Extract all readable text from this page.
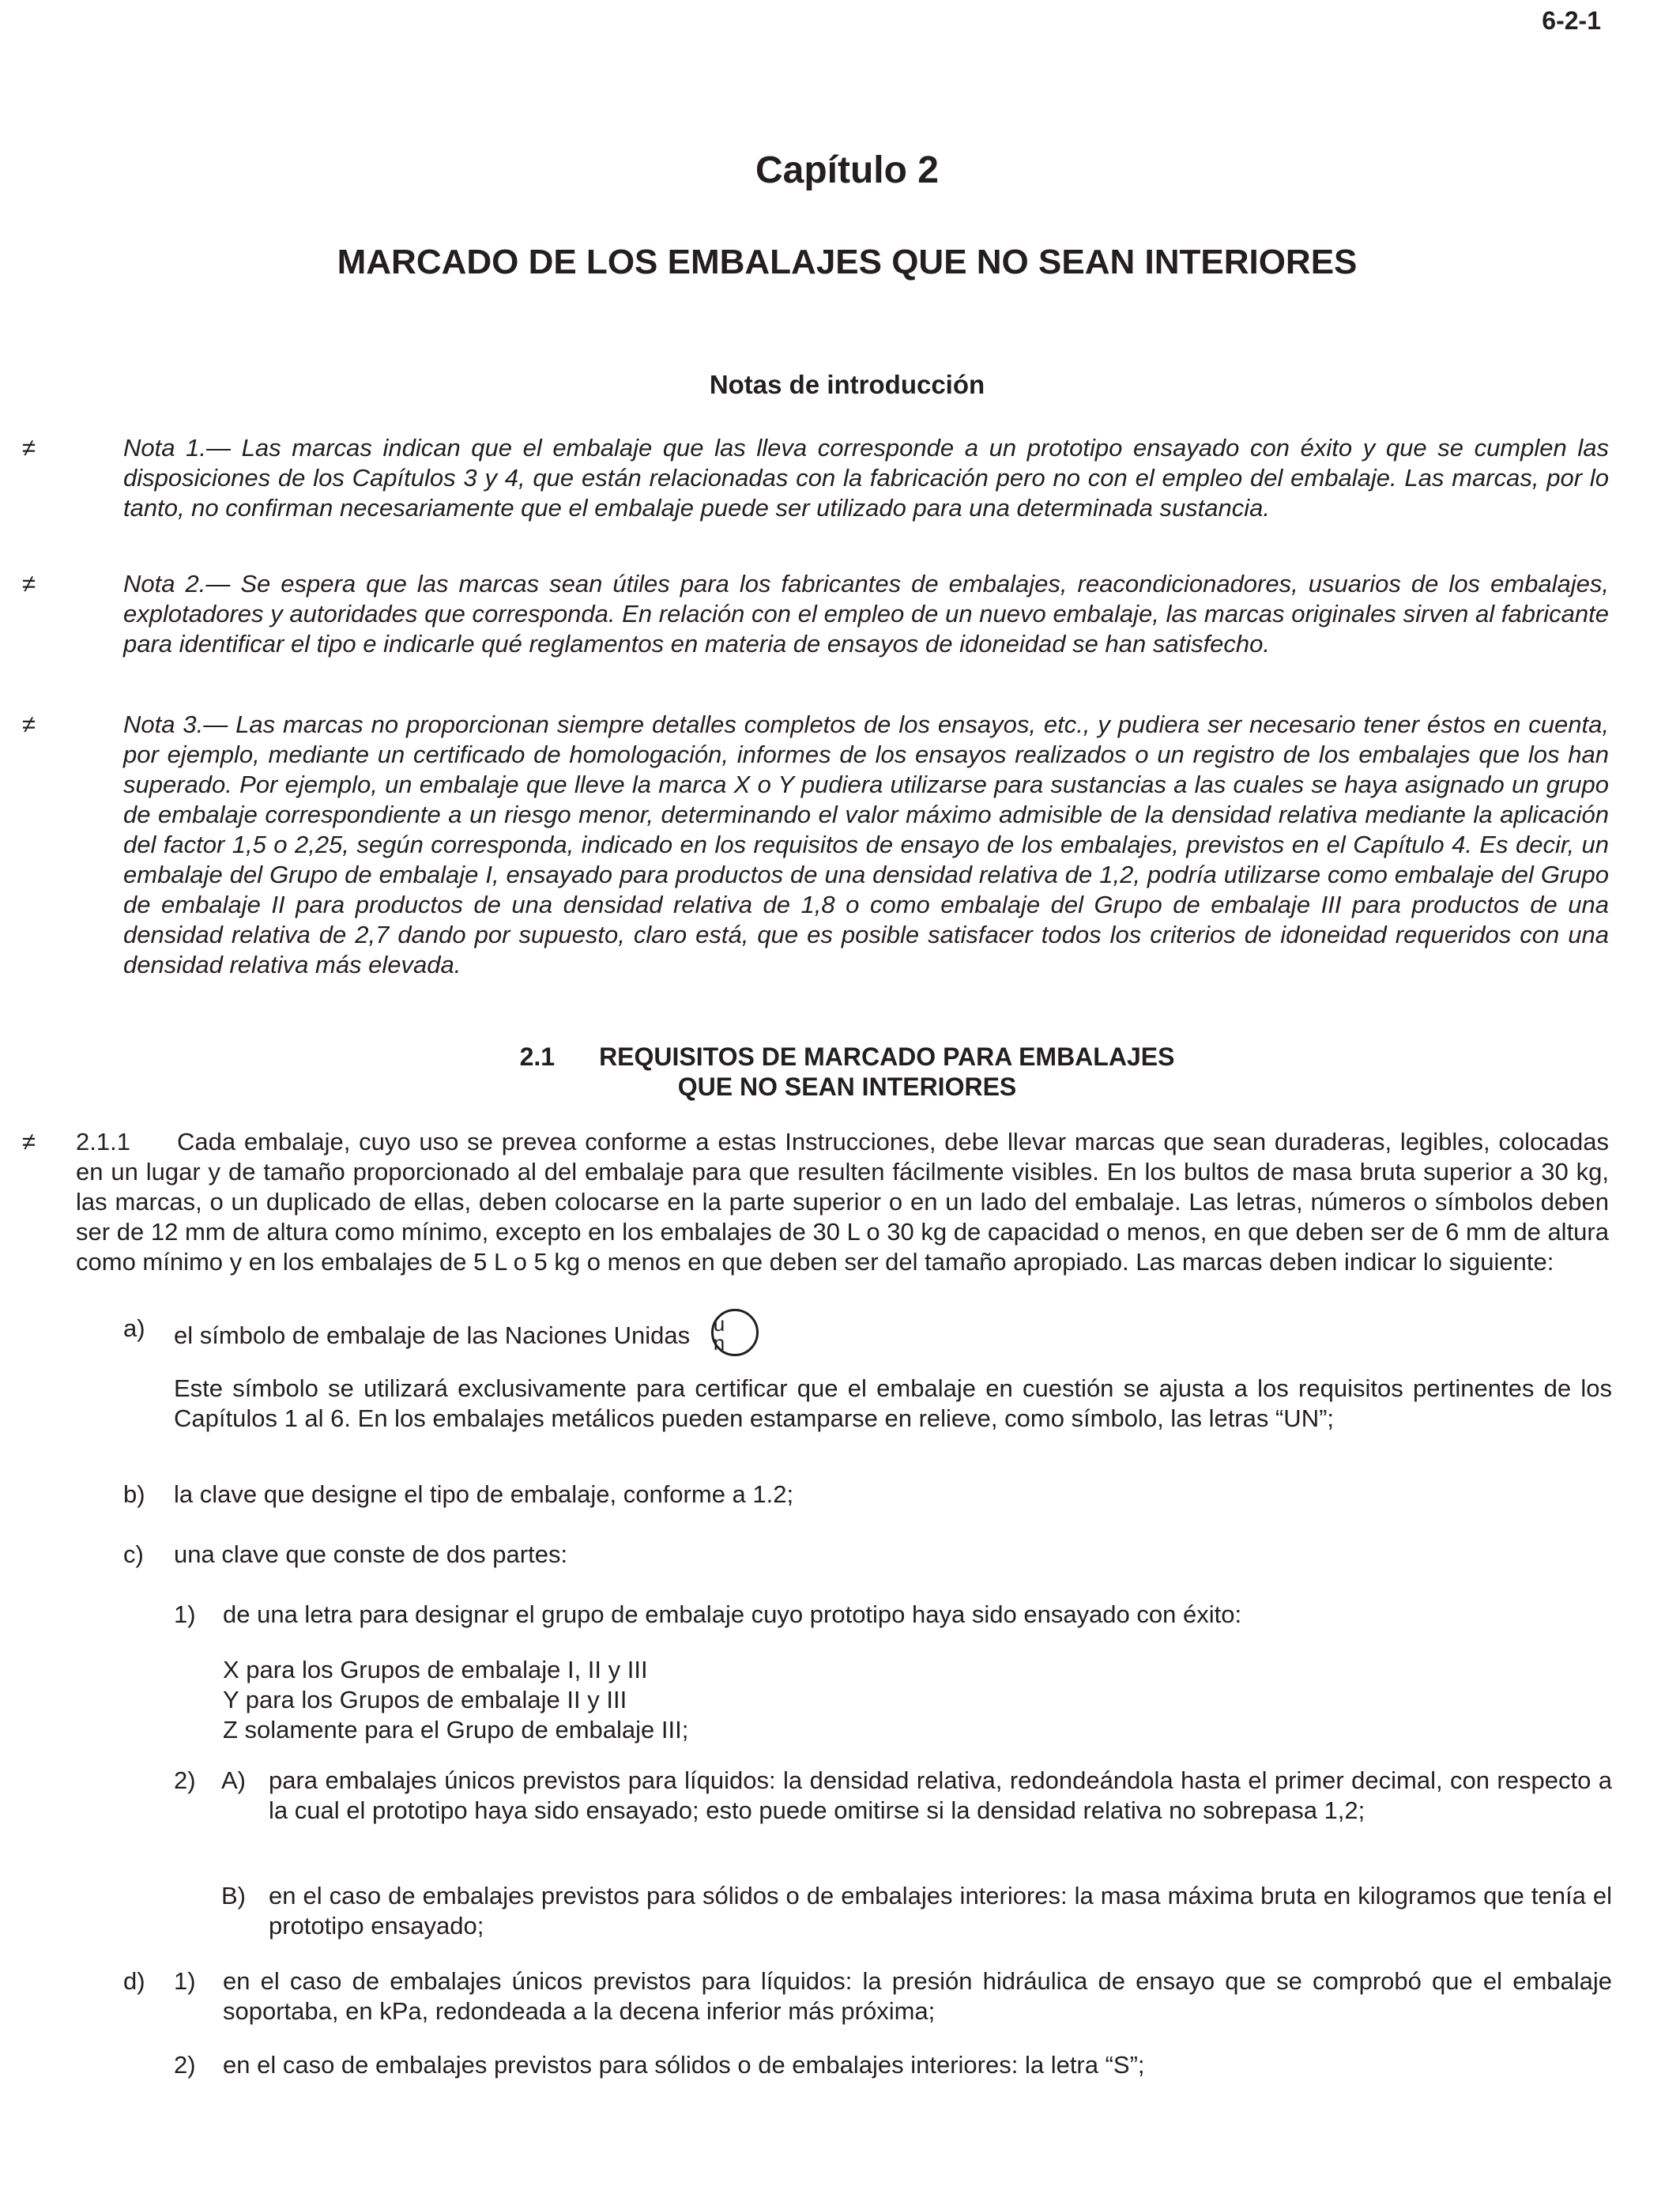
6-2-1
Capítulo 2
MARCADO DE LOS EMBALAJES QUE NO SEAN INTERIORES
Notas de introducción
≠	Nota 1.— Las marcas indican que el embalaje que las lleva corresponde a un prototipo ensayado con éxito y que se cumplen las disposiciones de los Capítulos 3 y 4, que están relacionadas con la fabricación pero no con el empleo del embalaje. Las marcas, por lo tanto, no confirman necesariamente que el embalaje puede ser utilizado para una determinada sustancia.

≠	Nota 2.— Se espera que las marcas sean útiles para los fabricantes de embalajes, reacondicionadores, usuarios de los embalajes, explotadores y autoridades que corresponda. En relación con el empleo de un nuevo embalaje, las marcas originales sirven al fabricante para identificar el tipo e indicarle qué reglamentos en materia de ensayos de idoneidad se han satisfecho.

≠	Nota 3.— Las marcas no proporcionan siempre detalles completos de los ensayos, etc., y pudiera ser necesario tener éstos en cuenta, por ejemplo, mediante un certificado de homologación, informes de los ensayos realizados o un registro de los embalajes que los han superado. Por ejemplo, un embalaje que lleve la marca X o Y pudiera utilizarse para sustancias a las cuales se haya asignado un grupo de embalaje correspondiente a un riesgo menor, determinando el valor máximo admisible de la densidad relativa mediante la aplicación del factor 1,5 o 2,25, según corresponda, indicado en los requisitos de ensayo de los embalajes, previstos en el Capítulo 4. Es decir, un embalaje del Grupo de embalaje I, ensayado para productos de una densidad relativa de 1,2, podría utilizarse como embalaje del Grupo de embalaje II para productos de una densidad relativa de 1,8 o como embalaje del Grupo de embalaje III para productos de una densidad relativa de 2,7 dando por supuesto, claro está, que es posible satisfacer todos los criterios de idoneidad requeridos con una densidad relativa más elevada.

2.1 REQUISITOS DE MARCADO PARA EMBALAJES
QUE NO SEAN INTERIORES
≠ 2.1.1 Cada embalaje, cuyo uso se prevea conforme a estas Instrucciones, debe llevar marcas que sean duraderas, legibles, colocadas en un lugar y de tamaño proporcionado al del embalaje para que resulten fácilmente visibles. En los bultos de masa bruta superior a 30 kg, las marcas, o un duplicado de ellas, deben colocarse en la parte superior o en un lado del embalaje. Las letras, números o símbolos deben ser de 12 mm de altura como mínimo, excepto en los embalajes de 30 L o 30 kg de capacidad o menos, en que deben ser de 6 mm de altura como mínimo y en los embalajes de 5 L o 5 kg o menos en que deben ser del tamaño apropiado. Las marcas deben indicar lo siguiente:

a) el símbolo de embalaje de las Naciones Unidas u
n
Este símbolo se utilizará exclusivamente para certificar que el embalaje en cuestión se ajusta a los requisitos pertinentes de los Capítulos 1 al 6. En los embalajes metálicos pueden estamparse en relieve, como símbolo, las letras “UN”;
b) la clave que designe el tipo de embalaje, conforme a 1.2;
c) una clave que conste de dos partes:
1) de una letra para designar el grupo de embalaje cuyo prototipo haya sido ensayado con éxito:
X para los Grupos de embalaje I, II y III
Y para los Grupos de embalaje II y III
Z solamente para el Grupo de embalaje III;
2) A) para embalajes únicos previstos para líquidos: la densidad relativa, redondeándola hasta el primer decimal, con respecto a la cual el prototipo haya sido ensayado; esto puede omitirse si la densidad relativa no sobrepasa 1,2;
B) en el caso de embalajes previstos para sólidos o de embalajes interiores: la masa máxima bruta en kilogramos que tenía el prototipo ensayado;
d) 1) en el caso de embalajes únicos previstos para líquidos: la presión hidráulica de ensayo que se comprobó que el embalaje soportaba, en kPa, redondeada a la decena inferior más próxima;
2) en el caso de embalajes previstos para sólidos o de embalajes interiores: la letra “S”;
